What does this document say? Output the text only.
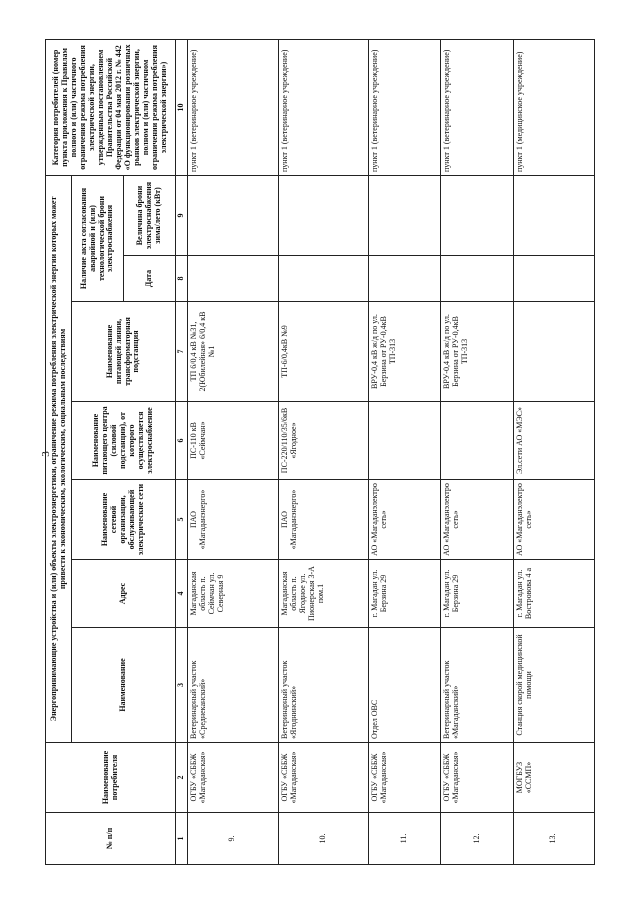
3
№ п/п	Наименование потребителя	Энергопринимающие устройства и (или) объекты электроэнергетики, ограничение режима потребления электрической энергии которых может привести к экономическим, экологическим, социальным последствиям							Категория потребителей (номер пункта приложения к Правилам полного и (или) частичного ограничения режима потребления электрической энергии, утвержденным постановлением Правительства Российской Федерации от 04 мая 2012 г. № 442 «О функционировании розничных рынков электрической энергии, полном и (или) частичном ограничении режима потребления электрической энергии»)
		Наименование	Адрес	Наименование сетевой организации, обслуживающей электрические сети	Наименование питающего центра (силовой подстанции), от которого осуществляется электроснабжение	Наименование питающей линии, трансформаторная подстанция	Наличие акта согласования аварийной и (или) технологической брони электроснабжения		
							Дата	Величина брони электроснабжения зима/лето (кВт)	
1	2	3	4	5	6	7	8	9	10
9.	ОГБУ «СББЖ «Магаданская»	Ветеринарный участок «Среднеканский»	Магаданская область п. Сеймчан ул. Северная 9	ПАО «Магаданэнерго»	ПС-110 кВ «Сеймчан»	ТП 6/0,4 кВ №31, 2(Юбилейная» 6/0,4 кВ №1			пункт 1 (ветеринарное учреждение)
10.	ОГБУ «СББЖ «Магаданская»	Ветеринарный участок «Ягоднинский»	Магаданская область п. Ягодное ул. Пионерская 3-А пом.1	ПАО «Магаданэнерго»	ПС-220/110/35/6кВ «Ягодное»	ТП-6/0,4кВ №9			пункт 1 (ветеринарное учреждение)
11.	ОГБУ «СББЖ «Магаданская»	Отдел ОВС	г. Магадан ул. Берзина 29	АО «Магаданэлектро сеть»		ВРУ-0,4 кВ ж/д по ул. Берзина от РУ-0,4кВ ТП-313			пункт 1 (ветеринарное учреждение)
12.	ОГБУ «СББЖ «Магаданская»	Ветеринарный участок «Магаданский»	г. Магадан ул. Берзина 29	АО «Магаданэлектро сеть»		ВРУ-0,4 кВ ж/д по ул. Берзина от РУ-0,4кВ ТП-313			пункт 1 (ветеринарное учреждение)
13.	МОГБУЗ «ССМП»	Станция скорой медицинской помощи	г. Магадан ул. Востровова 4 а	АО «Магаданэлектро сеть»	Эл.сети АО «МЭС»				пункт 1 (медицинское учреждение)
